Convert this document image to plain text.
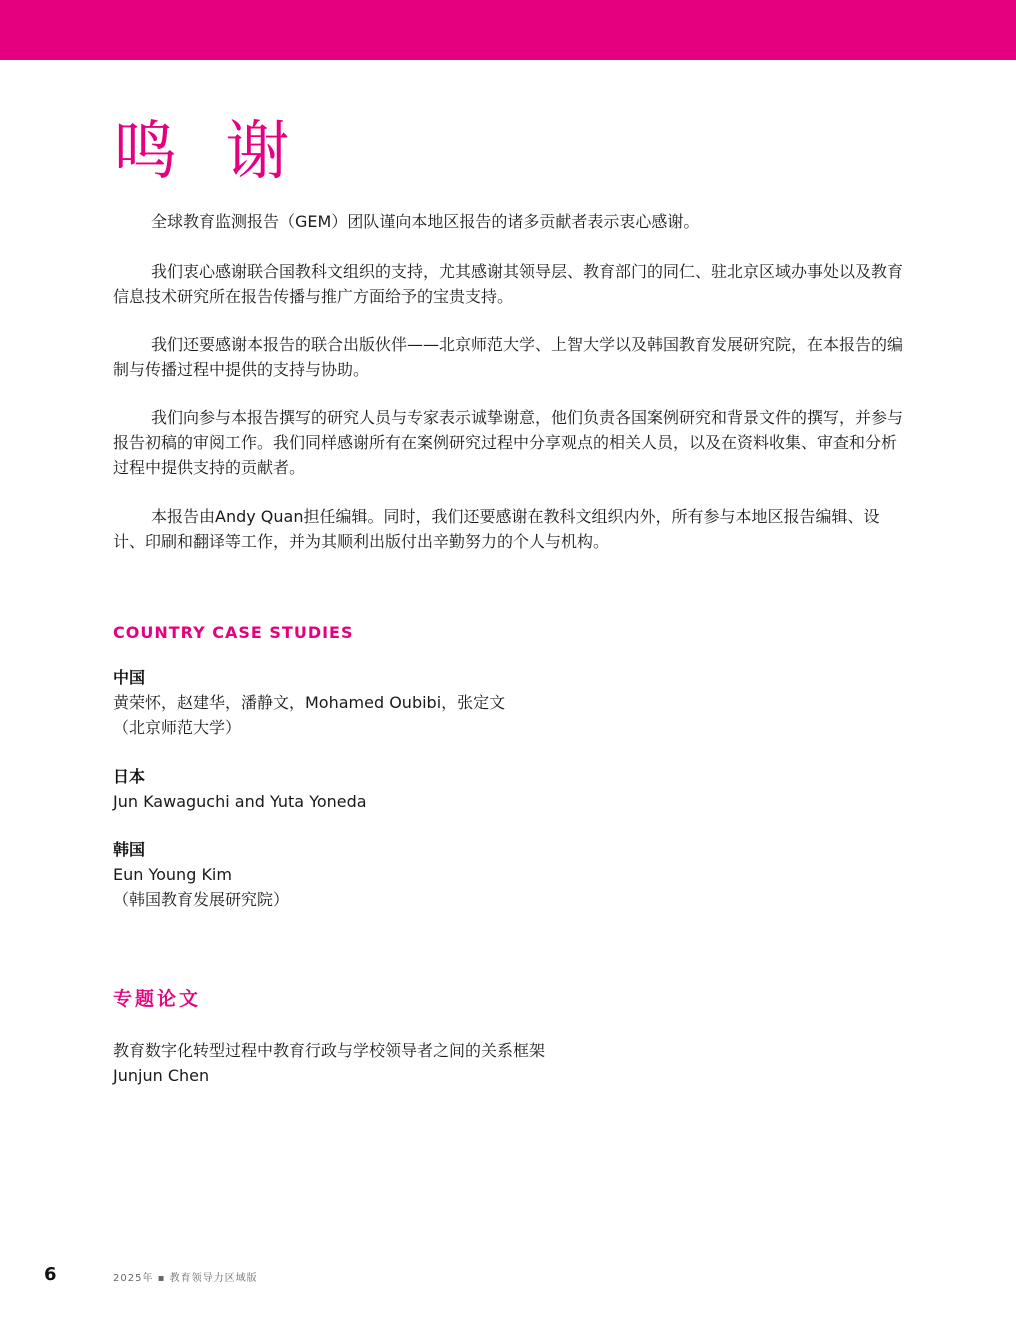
鸣 谢

全球教育监测报告（GEM）团队谨向本地区报告的诸多贡献者表示衷心感谢。

我们衷心感谢联合国教科文组织的支持，尤其感谢其领导层、教育部门的同仁、驻北京区域办事处以及教育信息技术研究所在报告传播与推广方面给予的宝贵支持。

我们还要感谢本报告的联合出版伙伴——北京师范大学、上智大学以及韩国教育发展研究院，在本报告的编制与传播过程中提供的支持与协助。

我们向参与本报告撰写的研究人员与专家表示诚挚谢意，他们负责各国案例研究和背景文件的撰写，并参与报告初稿的审阅工作。我们同样感谢所有在案例研究过程中分享观点的相关人员，以及在资料收集、审查和分析过程中提供支持的贡献者。

本报告由Andy Quan担任编辑。同时，我们还要感谢在教科文组织内外，所有参与本地区报告编辑、设计、印刷和翻译等工作，并为其顺利出版付出辛勤努力的个人与机构。

COUNTRY CASE STUDIES
中国
黄荣怀，赵建华，潘静文，Mohamed Oubibi，张定文
（北京师范大学）
日本
Jun Kawaguchi and Yuta Yoneda
韩国
Eun Young Kim
（韩国教育发展研究院）
专题论文
教育数字化转型过程中教育行政与学校领导者之间的关系框架
Junjun Chen
6	2025年 ▪ 教育领导力区域版
